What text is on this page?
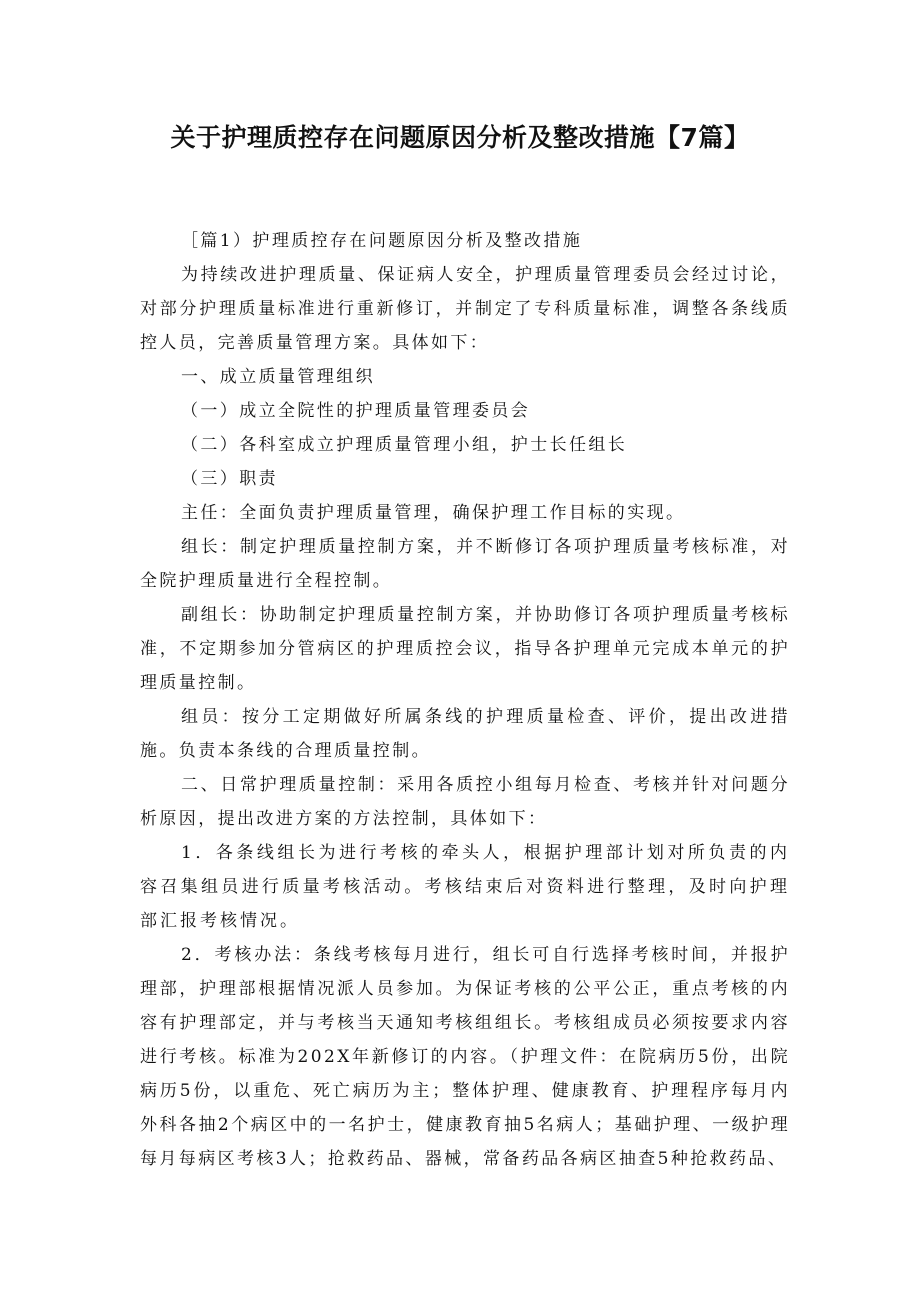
关于护理质控存在问题原因分析及整改措施【7篇】

［篇1）护理质控存在问题原因分析及整改措施

为持续改进护理质量、保证病人安全，护理质量管理委员会经过讨论，对部分护理质量标准进行重新修订，并制定了专科质量标准，调整各条线质控人员，完善质量管理方案。具体如下：

一、成立质量管理组织

（一）成立全院性的护理质量管理委员会

（二）各科室成立护理质量管理小组，护士长任组长

（三）职责

主任：全面负责护理质量管理，确保护理工作目标的实现。

组长：制定护理质量控制方案，并不断修订各项护理质量考核标准，对全院护理质量进行全程控制。

副组长：协助制定护理质量控制方案，并协助修订各项护理质量考核标准，不定期参加分管病区的护理质控会议，指导各护理单元完成本单元的护理质量控制。

组员：按分工定期做好所属条线的护理质量检查、评价，提出改进措施。负责本条线的合理质量控制。

二、日常护理质量控制：采用各质控小组每月检查、考核并针对问题分析原因，提出改进方案的方法控制，具体如下：

1．各条线组长为进行考核的牵头人，根据护理部计划对所负责的内容召集组员进行质量考核活动。考核结束后对资料进行整理，及时向护理部汇报考核情况。

2．考核办法：条线考核每月进行，组长可自行选择考核时间，并报护理部，护理部根据情况派人员参加。为保证考核的公平公正，重点考核的内容有护理部定，并与考核当天通知考核组组长。考核组成员必须按要求内容进行考核。标准为202X年新修订的内容。（护理文件：在院病历5份，出院病历5份，以重危、死亡病历为主；整体护理、健康教育、护理程序每月内外科各抽2个病区中的一名护士，健康教育抽5名病人；基础护理、一级护理每月每病区考核3人；抢救药品、器械，常备药品各病区抽查5种抢救药品、
